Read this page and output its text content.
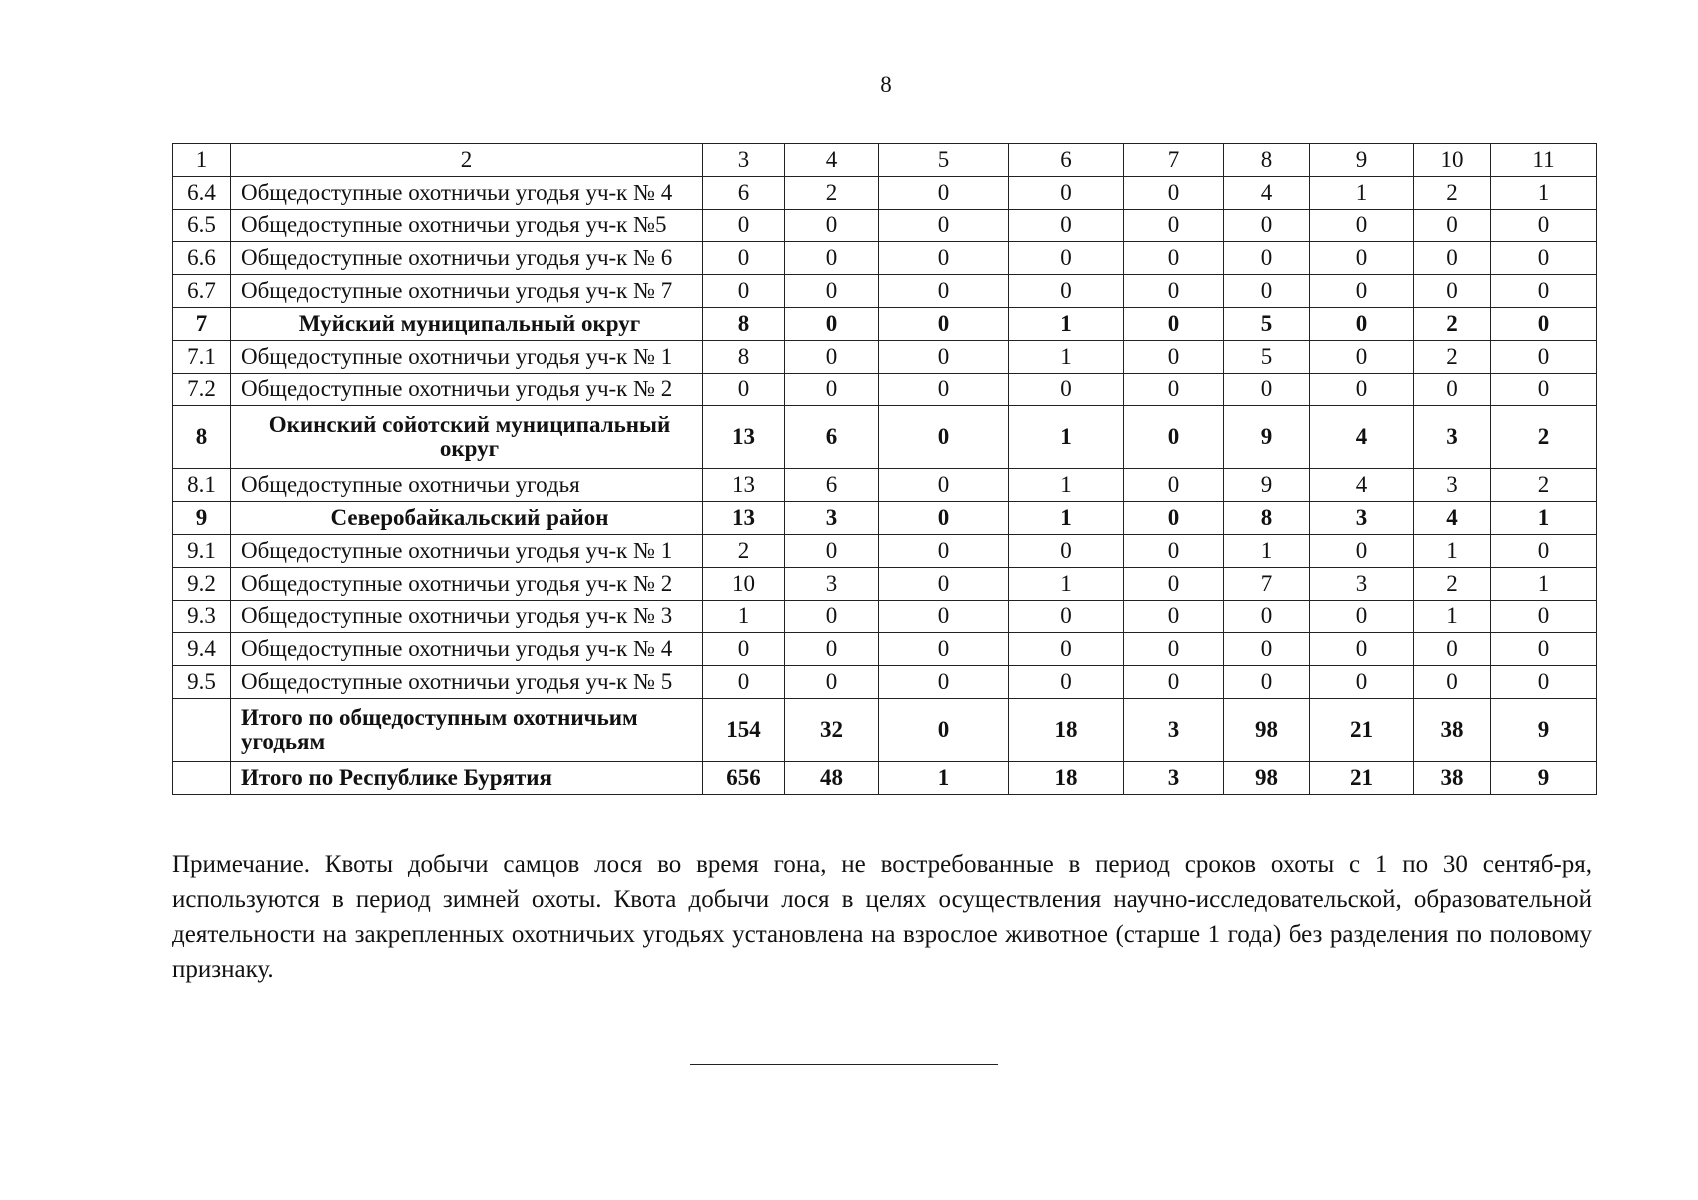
8
1	2	3	4	5	6	7	8	9	10	11
6.4	Общедоступные охотничьи угодья уч-к № 4	6	2	0	0	0	4	1	2	1
6.5	Общедоступные охотничьи угодья уч-к №5	0	0	0	0	0	0	0	0	0
6.6	Общедоступные охотничьи угодья уч-к № 6	0	0	0	0	0	0	0	0	0
6.7	Общедоступные охотничьи угодья уч-к № 7	0	0	0	0	0	0	0	0	0
7	Муйский муниципальный округ	8	0	0	1	0	5	0	2	0
7.1	Общедоступные охотничьи угодья уч-к № 1	8	0	0	1	0	5	0	2	0
7.2	Общедоступные охотничьи угодья уч-к № 2	0	0	0	0	0	0	0	0	0
8	Окинский сойотский муниципальный округ	13	6	0	1	0	9	4	3	2
8.1	Общедоступные охотничьи угодья	13	6	0	1	0	9	4	3	2
9	Северобайкальский район	13	3	0	1	0	8	3	4	1
9.1	Общедоступные охотничьи угодья уч-к № 1	2	0	0	0	0	1	0	1	0
9.2	Общедоступные охотничьи угодья уч-к № 2	10	3	0	1	0	7	3	2	1
9.3	Общедоступные охотничьи угодья уч-к № 3	1	0	0	0	0	0	0	1	0
9.4	Общедоступные охотничьи угодья уч-к № 4	0	0	0	0	0	0	0	0	0
9.5	Общедоступные охотничьи угодья уч-к № 5	0	0	0	0	0	0	0	0	0
	Итого по общедоступным охотничьим угодьям	154	32	0	18	3	98	21	38	9
	Итого по Республике Бурятия	656	48	1	18	3	98	21	38	9
Примечание. Квоты добычи самцов лося во время гона, не востребованные в период сроков охоты с 1 по 30 сентяб-ря, используются в период зимней охоты. Квота добычи лося в целях осуществления научно-исследовательской, образовательной деятельности на закрепленных охотничьих угодьях установлена на взрослое животное (старше 1 года) без разделения по половому признаку.
